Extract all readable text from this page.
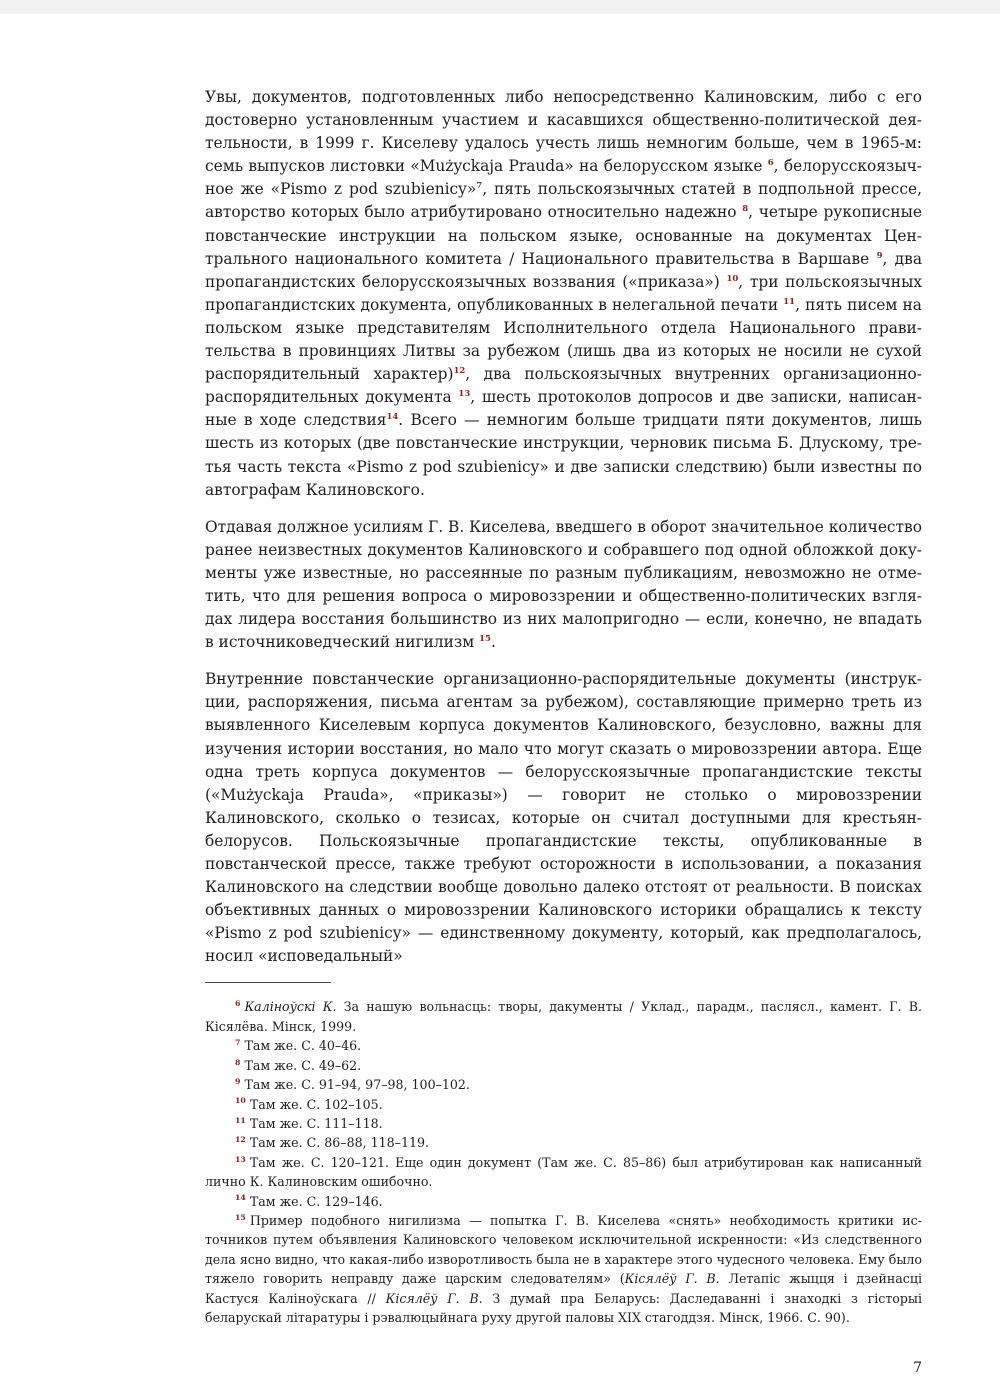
Увы, документов, подготовленных либо непосредственно Калиновским, либо с его достоверно установленным участием и касавшихся общественно-политической деятельности, в 1999 г. Киселеву удалось учесть лишь немногим больше, чем в 1965-м: семь выпусков листовки «Mużyckaja Prauda» на белорусском языке $^6$, белорусскоязычное же «Pismo z pod szubienicy»$^7$, пять польскоязычных статей в подпольной прессе, авторство которых было атрибутировано относительно надежно $^8$, четыре рукописные повстанческие инструкции на польском языке, основанные на документах Центрального национального комитета / Национального правительства в Варшаве $^9$, два пропагандистских белорусскоязычных воззвания («приказа») $^{10}$, три польскоязычных пропагандистских документа, опубликованных в нелегальной печати $^{11}$, пять писем на польском языке представителям Исполнительного отдела Национального правительства в провинциях Литвы за рубежом (лишь два из которых не носили не сухой распорядительный характер)$^{12}$, два польскоязычных внутренних организационно-распорядительных документа $^{13}$, шесть протоколов допросов и две записки, написанные в ходе следствия$^{14}$. Всего — немногим больше тридцати пяти документов, лишь шесть из которых (две повстанческие инструкции, черновик письма Б. Длускому, третья часть текста «Pismo z pod szubienicy» и две записки следствию) были известны по автографам Калиновского.

Отдавая должное усилиям Г. В. Киселева, введшего в оборот значительное количество ранее неизвестных документов Калиновского и собравшего под одной обложкой документы уже известные, но рассеянные по разным публикациям, невозможно не отметить, что для решения вопроса о мировоззрении и общественно-политических взглядах лидера восстания большинство из них малопригодно — если, конечно, не впадать в источниковедческий нигилизм $^{15}$.

Внутренние повстанческие организационно-распорядительные документы (инструкции, распоряжения, письма агентам за рубежом), составляющие примерно треть из выявленного Киселевым корпуса документов Калиновского, безусловно, важны для изучения истории восстания, но мало что могут сказать о мировоззрении автора. Еще одна треть корпуса документов — белорусскоязычные пропагандистские тексты («Mużyckaja Prauda», «приказы») — говорит не столько о мировоззрении Калиновского, сколько о тезисах, которые он считал доступными для крестьян-белорусов. Польскоязычные пропагандистские тексты, опубликованные в повстанческой прессе, также требуют осторожности в использовании, а показания Калиновского на следствии вообще довольно далеко отстоят от реальности. В поисках объективных данных о мировоззрении Калиновского историки обращались к тексту «Pismo z pod szubienicy» — единственному документу, который, как предполагалось, носил «исповедальный»

$^6$ Каліноўскі К. За нашую вольнасць: творы, дакументы / Уклад., парадм., пасляcл., камент. Г. В. Кісялёва. Мінск, 1999.

$^7$ Там же. С. 40–46.

$^8$ Там же. С. 49–62.

$^9$ Там же. С. 91–94, 97–98, 100–102.

$^{10}$ Там же. С. 102–105.

$^{11}$ Там же. С. 111–118.

$^{12}$ Там же. С. 86–88, 118–119.

$^{13}$ Там же. С. 120–121. Еще один документ (Там же. С. 85–86) был атрибутирован как написанный лично К. Калиновским ошибочно.

$^{14}$ Там же. С. 129–146.

$^{15}$ Пример подобного нигилизма — попытка Г. В. Киселева «снять» необходимость критики источников путем объявления Калиновского человеком исключительной искренности: «Из следственного дела ясно видно, что какая-либо изворотливость была не в характере этого чудесного человека. Ему было тяжело говорить неправду даже царским следователям» (Кісялёў Г. В. Летапіс жыцця і дзейнасці Кастуся Каліноўскага // Кісялёў Г. В. З думай пра Беларусь: Даследаванні і знаходкі з гісторыі беларускай літаратуры і рэвалюцыйнага руху другой паловы XIX стагоддзя. Мінск, 1966. С. 90).

7
